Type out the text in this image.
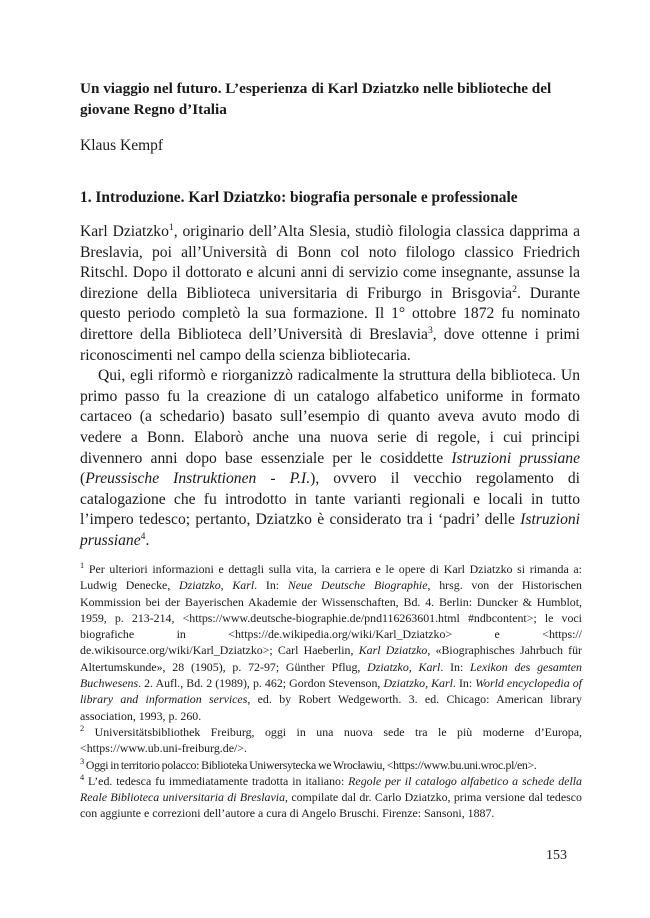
Un viaggio nel futuro. L’esperienza di Karl Dziatzko nelle biblioteche del giovane Regno d’Italia
Klaus Kempf
1. Introduzione. Karl Dziatzko: biografia personale e professionale

Karl Dziatzko$^1$, originario dell’Alta Slesia, studiò filologia classica dapprima a Breslavia, poi all’Università di Bonn col noto filologo classico Friedrich Ritschl. Dopo il dottorato e alcuni anni di servizio come insegnante, assunse la direzione della Biblioteca universitaria di Friburgo in Brisgovia$^2$. Durante questo periodo completò la sua formazione. Il 1° ottobre 1872 fu nominato direttore della Biblioteca dell’Università di Breslavia$^3$, dove ottenne i primi riconoscimenti nel campo della scienza bibliotecaria.

Qui, egli riformò e riorganizzò radicalmente la struttura della biblioteca. Un primo passo fu la creazione di un catalogo alfabetico uniforme in formato cartaceo (a schedario) basato sull’esempio di quanto aveva avuto modo di vedere a Bonn. Elaborò anche una nuova serie di regole, i cui principi divennero anni dopo base essenziale per le cosiddette Istruzioni prussiane (Preussische Instruktionen - P.I.), ovvero il vecchio regolamento di catalogazione che fu introdotto in tante varianti regionali e locali in tutto l’impero tedesco; pertanto, Dziatzko è considerato tra i ‘padri’ delle Istruzioni prussiane$^4$.

$^1$ Per ulteriori informazioni e dettagli sulla vita, la carriera e le opere di Karl Dziatzko si rimanda a: Ludwig Denecke, Dziatzko, Karl. In: Neue Deutsche Biographie, hrsg. von der Historischen Kommission bei der Bayerischen Akademie der Wissenschaften, Bd. 4. Berlin: Duncker & Humblot, 1959, p. 213-214, <https://www.deutsche-biographie.de/pnd116263601.html #ndbcontent>; le voci biografiche in <https://de.wikipedia.org/wiki/Karl_Dziatzko> e <https:// de.wikisource.org/wiki/Karl_Dziatzko>; Carl Haeberlin, Karl Dziatzko, «Biographisches Jahrbuch für Altertumskunde», 28 (1905), p. 72-97; Günther Pflug, Dziatzko, Karl. In: Lexikon des gesamten Buchwesens. 2. Aufl., Bd. 2 (1989), p. 462; Gordon Stevenson, Dziatzko, Karl. In: World encyclopedia of library and information services, ed. by Robert Wedgeworth. 3. ed. Chicago: American library association, 1993, p. 260.

$^2$ Universitätsbibliothek Freiburg, oggi in una nuova sede tra le più moderne d’Europa, <https://www.ub.uni-freiburg.de/>.

$^3$ Oggi in territorio polacco: Biblioteka Uniwersytecka we Wrocławiu, <https://www.bu.uni.wroc.pl/en>.

$^4$ L’ed. tedesca fu immediatamente tradotta in italiano: Regole per il catalogo alfabetico a schede della Reale Biblioteca universitaria di Breslavia, compilate dal dr. Carlo Dziatzko, prima versione dal tedesco con aggiunte e correzioni dell’autore a cura di Angelo Bruschi. Firenze: Sansoni, 1887.

153
